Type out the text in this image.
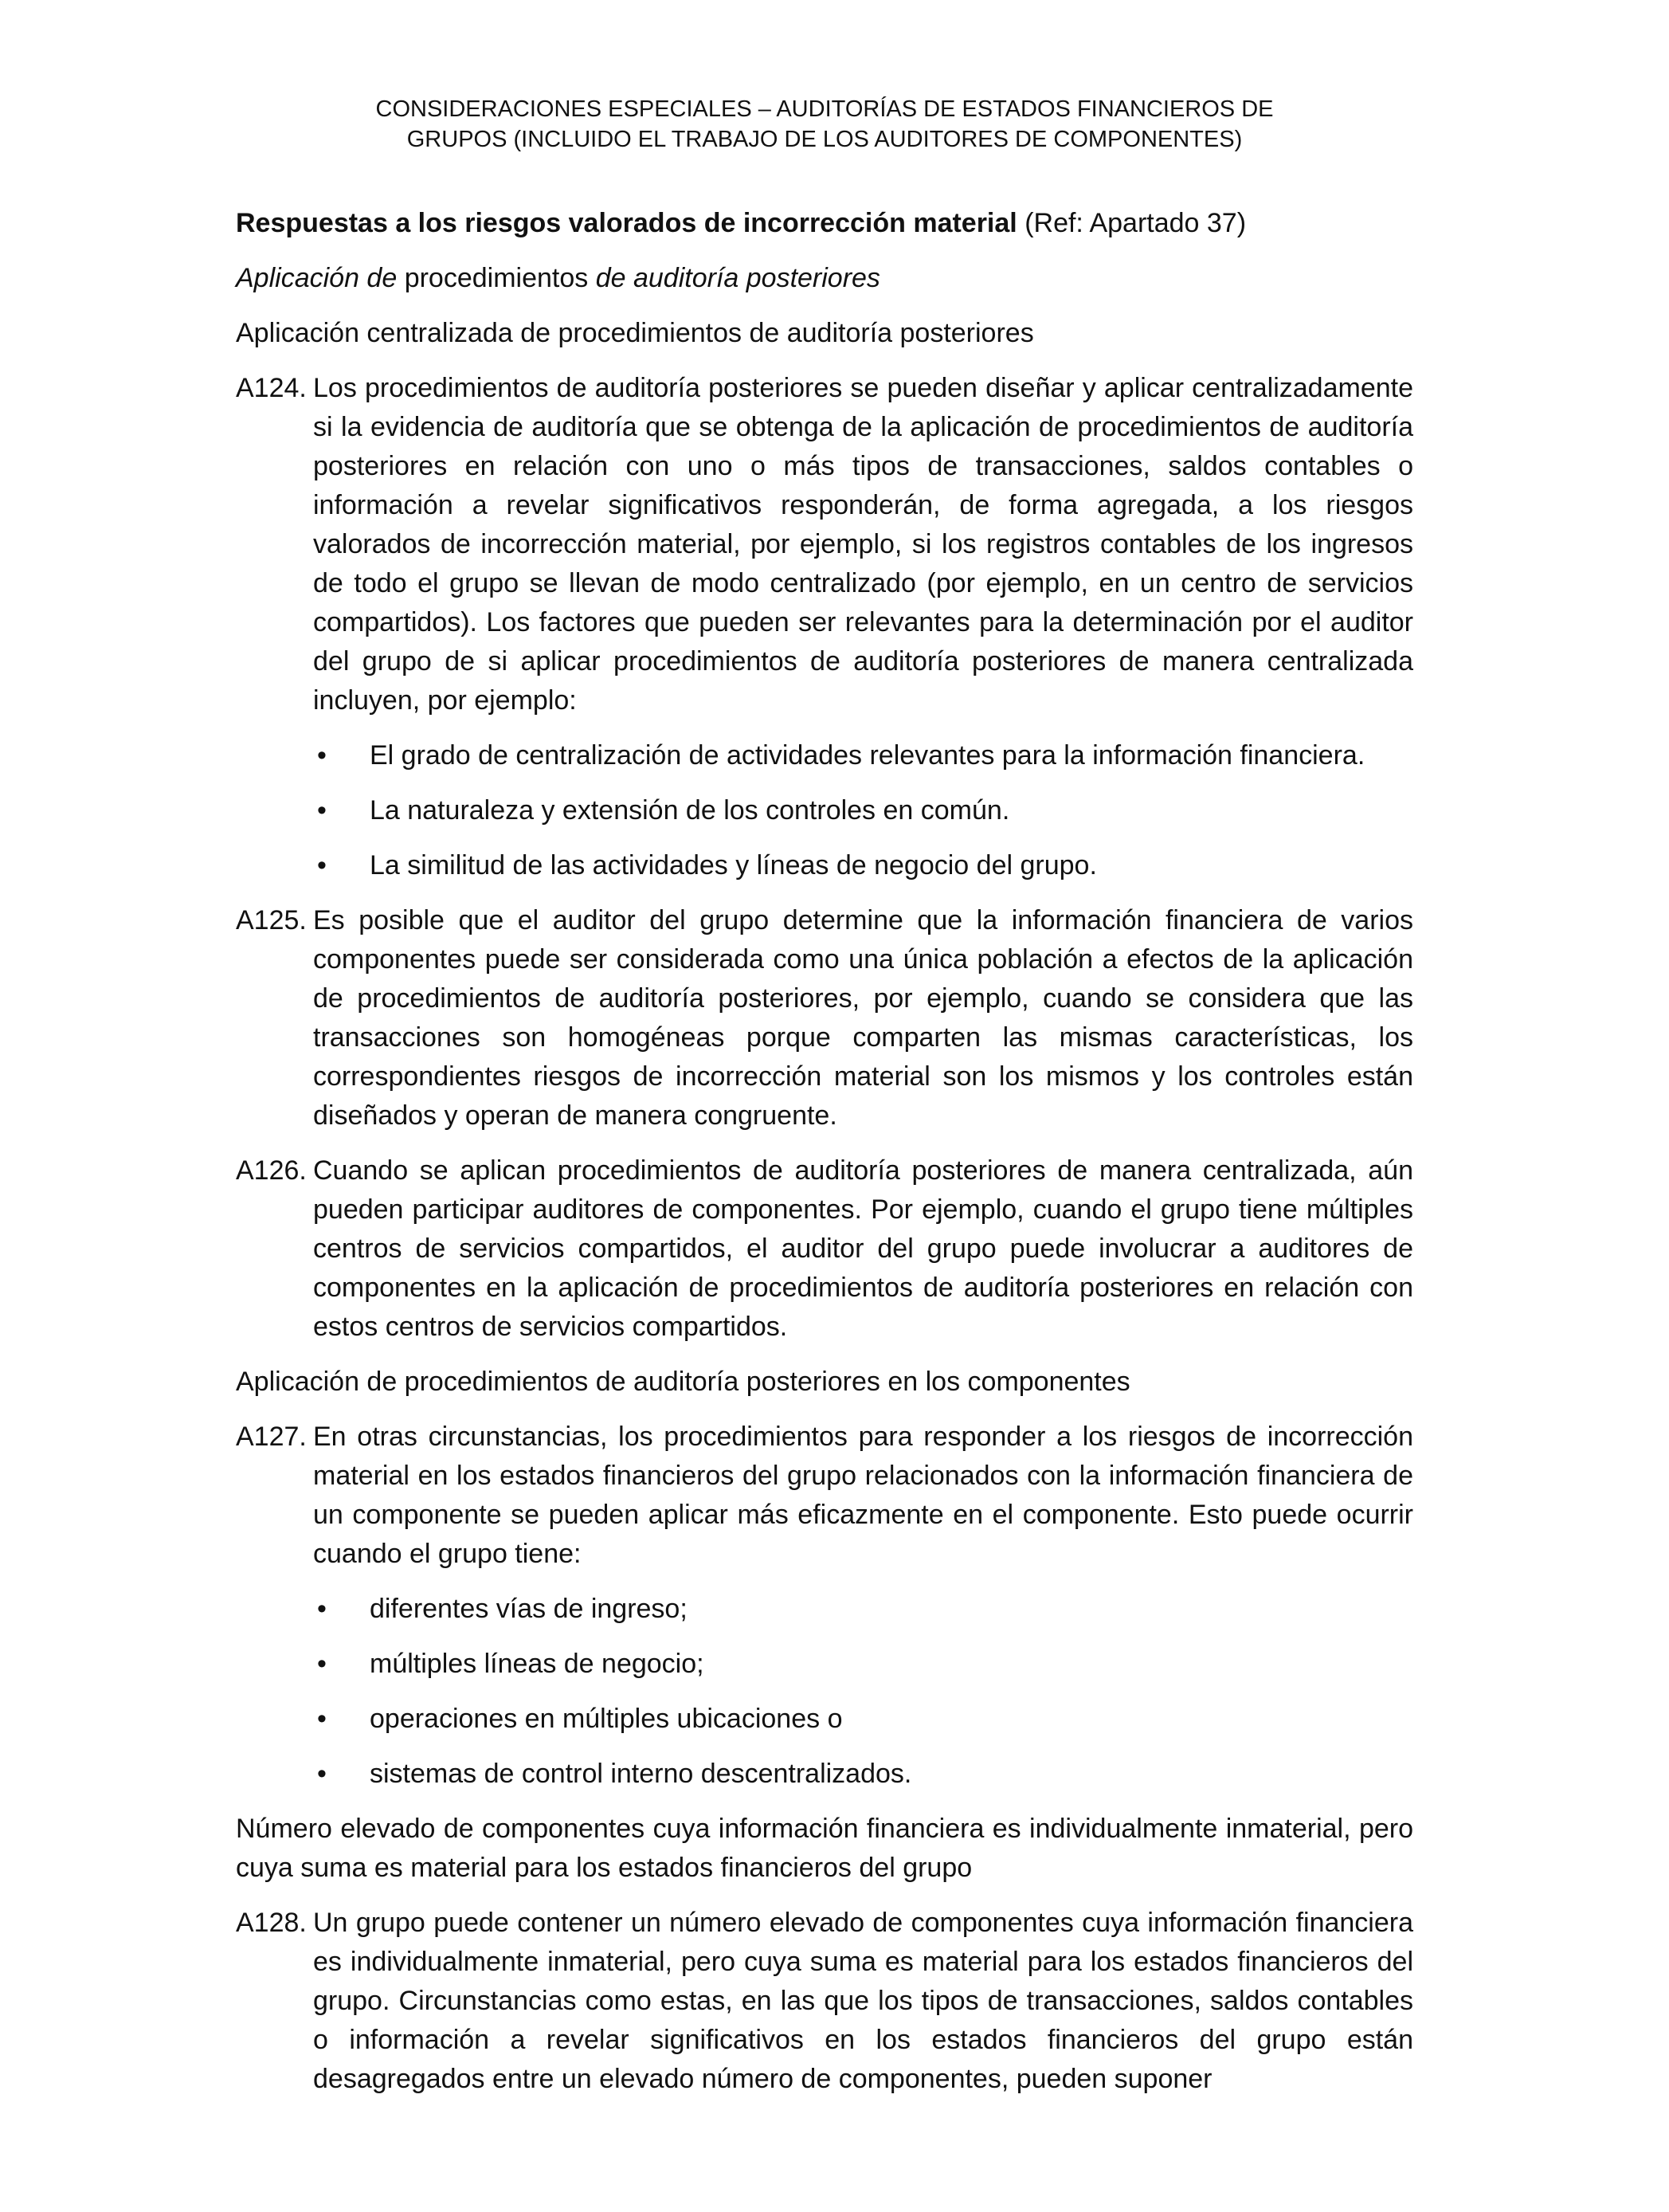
CONSIDERACIONES ESPECIALES – AUDITORÍAS DE ESTADOS FINANCIEROS DE
GRUPOS (INCLUIDO EL TRABAJO DE LOS AUDITORES DE COMPONENTES)

Respuestas a los riesgos valorados de incorrección material (Ref: Apartado 37)

Aplicación de procedimientos de auditoría posteriores

Aplicación centralizada de procedimientos de auditoría posteriores

A124. Los procedimientos de auditoría posteriores se pueden diseñar y aplicar centralizadamente si la evidencia de auditoría que se obtenga de la aplicación de procedimientos de auditoría posteriores en relación con uno o más tipos de transacciones, saldos contables o información a revelar significativos responderán, de forma agregada, a los riesgos valorados de incorrección material, por ejemplo, si los registros contables de los ingresos de todo el grupo se llevan de modo centralizado (por ejemplo, en un centro de servicios compartidos). Los factores que pueden ser relevantes para la determinación por el auditor del grupo de si aplicar procedimientos de auditoría posteriores de manera centralizada incluyen, por ejemplo:
• El grado de centralización de actividades relevantes para la información financiera.
• La naturaleza y extensión de los controles en común.
• La similitud de las actividades y líneas de negocio del grupo.
A125. Es posible que el auditor del grupo determine que la información financiera de varios componentes puede ser considerada como una única población a efectos de la aplicación de procedimientos de auditoría posteriores, por ejemplo, cuando se considera que las transacciones son homogéneas porque comparten las mismas características, los correspondientes riesgos de incorrección material son los mismos y los controles están diseñados y operan de manera congruente.
A126. Cuando se aplican procedimientos de auditoría posteriores de manera centralizada, aún pueden participar auditores de componentes. Por ejemplo, cuando el grupo tiene múltiples centros de servicios compartidos, el auditor del grupo puede involucrar a auditores de componentes en la aplicación de procedimientos de auditoría posteriores en relación con estos centros de servicios compartidos.

Aplicación de procedimientos de auditoría posteriores en los componentes

A127. En otras circunstancias, los procedimientos para responder a los riesgos de incorrección material en los estados financieros del grupo relacionados con la información financiera de un componente se pueden aplicar más eficazmente en el componente. Esto puede ocurrir cuando el grupo tiene:
• diferentes vías de ingreso;
• múltiples líneas de negocio;
• operaciones en múltiples ubicaciones o
• sistemas de control interno descentralizados.

Número elevado de componentes cuya información financiera es individualmente inmaterial, pero cuya suma es material para los estados financieros del grupo

A128. Un grupo puede contener un número elevado de componentes cuya información financiera es individualmente inmaterial, pero cuya suma es material para los estados financieros del grupo. Circunstancias como estas, en las que los tipos de transacciones, saldos contables o información a revelar significativos en los estados financieros del grupo están desagregados entre un elevado número de componentes, pueden suponer
